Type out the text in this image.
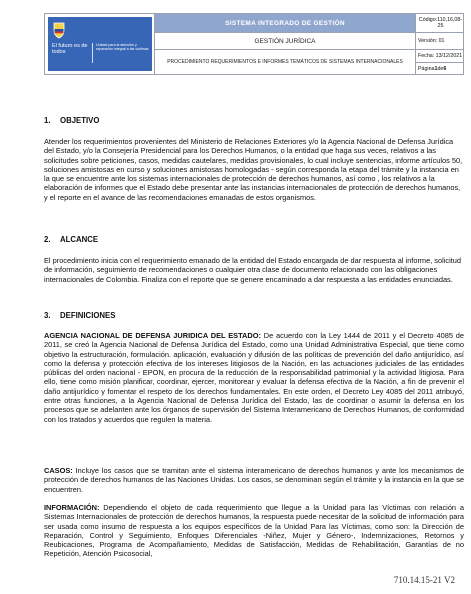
El futuro es de todos
Unidad para la atención y reparación integral a las víctimas
SISTEMA INTEGRADO DE GESTIÓN
GESTIÓN JURÍDICA
PROCEDIMIENTO REQUERIMIENTOS E INFORMES TEMÁTICOS DE SISTEMAS INTERNACIONALES
Código:110,16,08-25
Versión: 01
Fecha: 13/12/2021
Página 1 de 6
1. OBJETIVO
Atender los requerimientos provenientes del Ministerio de Relaciones Exteriores y/o la Agencia Nacional de Defensa Jurídica del Estado, y/o la Consejería Presidencial para los Derechos Humanos, o la entidad que haga sus veces, relativos a las solicitudes sobre peticiones, casos, medidas cautelares, medidas provisionales, lo cual incluye sentencias, informe artículos 50, soluciones amistosas en curso y soluciones amistosas homologadas - según corresponda la etapa del trámite y la instancia en la que se encuentre ante los sistemas internacionales de protección de derechos humanos, así como , los relativos a la elaboración de informes que el Estado debe presentar ante las instancias internacionales de protección de derechos humanos, y el reporte en el avance de las recomendaciones emanadas de estos organismos.
2. ALCANCE
El procedimiento inicia con el requerimiento emanado de la entidad del Estado encargada de dar respuesta al informe, solicitud de información, seguimiento de recomendaciones o cualquier otra clase de documento relacionado con las obligaciones internacionales de Colombia. Finaliza con el reporte que se genere encaminado a dar respuesta a las entidades enunciadas.
3. DEFINICIONES
AGENCIA NACIONAL DE DEFENSA JURIDICA DEL ESTADO: De acuerdo con la Ley 1444 de 2011 y el Decreto 4085 de 2011, se creó la Agencia Nacional de Defensa Jurídica del Estado, como una Unidad Administrativa Especial, que tiene como objetivo la estructuración, formulación. aplicación, evaluación y difusión de las políticas de prevención del daño antijurídico, así como la defensa y protección efectiva de los intereses litigiosos de la Nación, en las actuaciones judiciales de las entidades públicas del orden nacional - EPON, en procura de la reducción de la responsabilidad patrimonial y la actividad litigiosa. Para ello, tiene como misión planificar, coordinar, ejercer, monitorear y evaluar la defensa efectiva de la Nación, a fin de prevenir el daño antijurídico y fomentar el respeto de los derechos fundamentales. En este orden, el Decreto Ley 4085 del 2011 atribuyó, entre otras funciones, a la Agencia Nacional de Defensa Jurídica del Estado, las de coordinar o asumir la defensa en los procesos que se adelanten ante los órganos de supervisión del Sistema Interamericano de Derechos Humanos, de conformidad con los tratados y acuerdos que regulen la materia.
CASOS: Incluye los casos que se tramitan ante el sistema interamericano de derechos humanos y ante los mecanismos de protección de derechos humanos de las Naciones Unidas. Los casos, se denominan según el trámite y la instancia en la que se encuentren.
INFORMACIÓN: Dependiendo el objeto de cada requerimiento que llegue a la Unidad para las Víctimas con relación a Sistemas Internacionales de protección de derechos humanos, la respuesta puede necesitar de la solicitud de información para ser usada como insumo de respuesta a los equipos específicos de la Unidad Para las Víctimas, como son: la Dirección de Reparación, Control y Seguimiento, Enfoques Diferenciales -Niñez, Mujer y Género-, Indemnizaciones, Retornos y Reubicaciones, Programa de Acompañamiento, Medidas de Satisfacción, Medidas de Rehabilitación, Garantías de no Repetición, Atención Psicosocial,
710.14.15-21 V2
